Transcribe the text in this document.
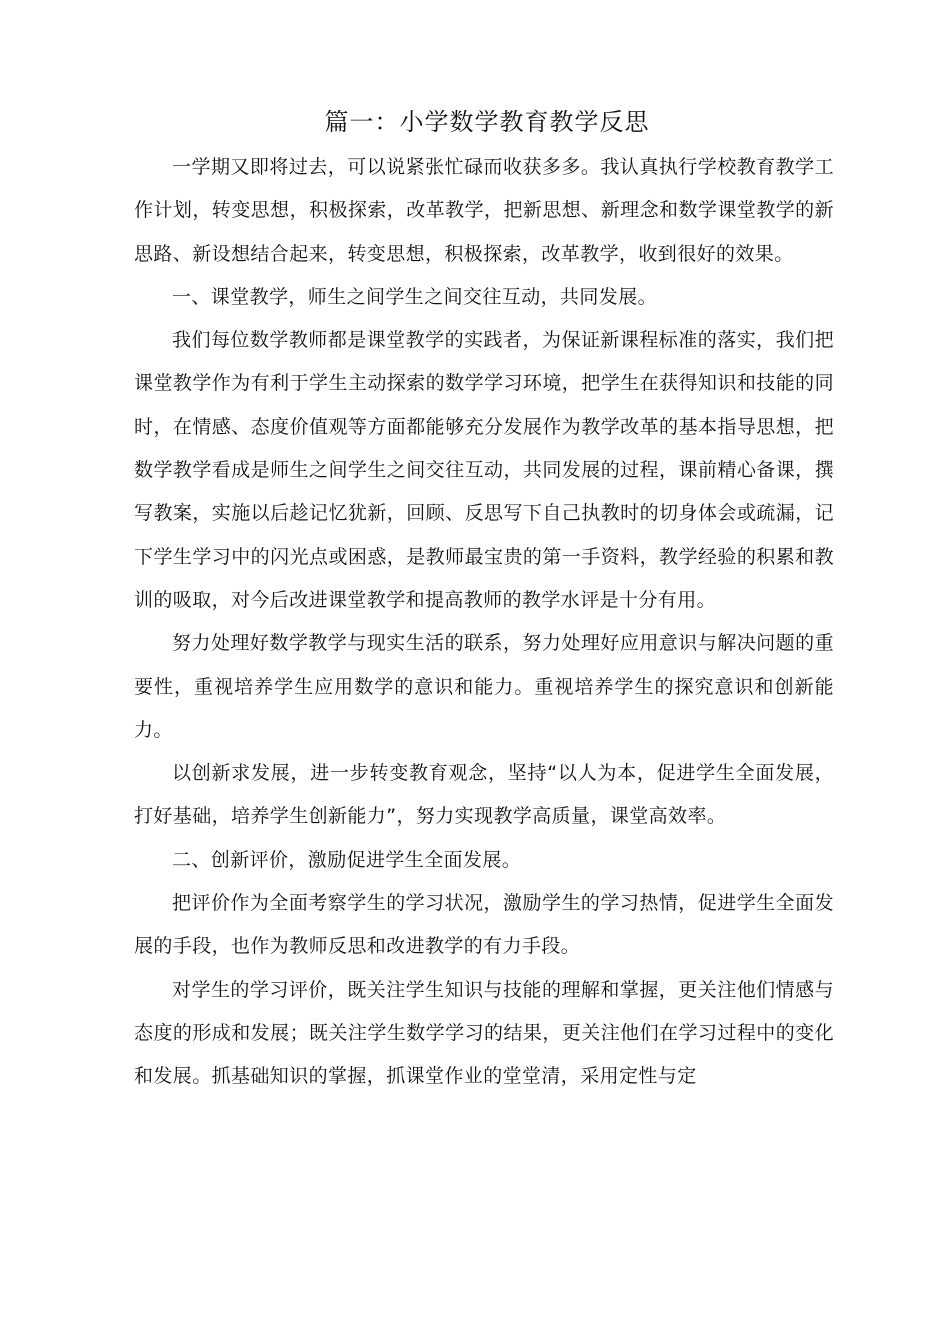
篇一：小学数学教育教学反思

一学期又即将过去，可以说紧张忙碌而收获多多。我认真执行学校教育教学工作计划，转变思想，积极探索，改革教学，把新思想、新理念和数学课堂教学的新思路、新设想结合起来，转变思想，积极探索，改革教学，收到很好的效果。

一、课堂教学，师生之间学生之间交往互动，共同发展。

我们每位数学教师都是课堂教学的实践者，为保证新课程标准的落实，我们把课堂教学作为有利于学生主动探索的数学学习环境，把学生在获得知识和技能的同时，在情感、态度价值观等方面都能够充分发展作为教学改革的基本指导思想，把数学教学看成是师生之间学生之间交往互动，共同发展的过程，课前精心备课，撰写教案，实施以后趁记忆犹新，回顾、反思写下自己执教时的切身体会或疏漏，记下学生学习中的闪光点或困惑，是教师最宝贵的第一手资料，教学经验的积累和教训的吸取，对今后改进课堂教学和提高教师的教学水评是十分有用。

努力处理好数学教学与现实生活的联系，努力处理好应用意识与解决问题的重要性，重视培养学生应用数学的意识和能力。重视培养学生的探究意识和创新能力。

以创新求发展，进一步转变教育观念，坚持“以人为本，促进学生全面发展，打好基础，培养学生创新能力”，努力实现教学高质量，课堂高效率。

二、创新评价，激励促进学生全面发展。

把评价作为全面考察学生的学习状况，激励学生的学习热情，促进学生全面发展的手段，也作为教师反思和改进教学的有力手段。

对学生的学习评价，既关注学生知识与技能的理解和掌握，更关注他们情感与态度的形成和发展；既关注学生数学学习的结果，更关注他们在学习过程中的变化和发展。抓基础知识的掌握，抓课堂作业的堂堂清，采用定性与定
